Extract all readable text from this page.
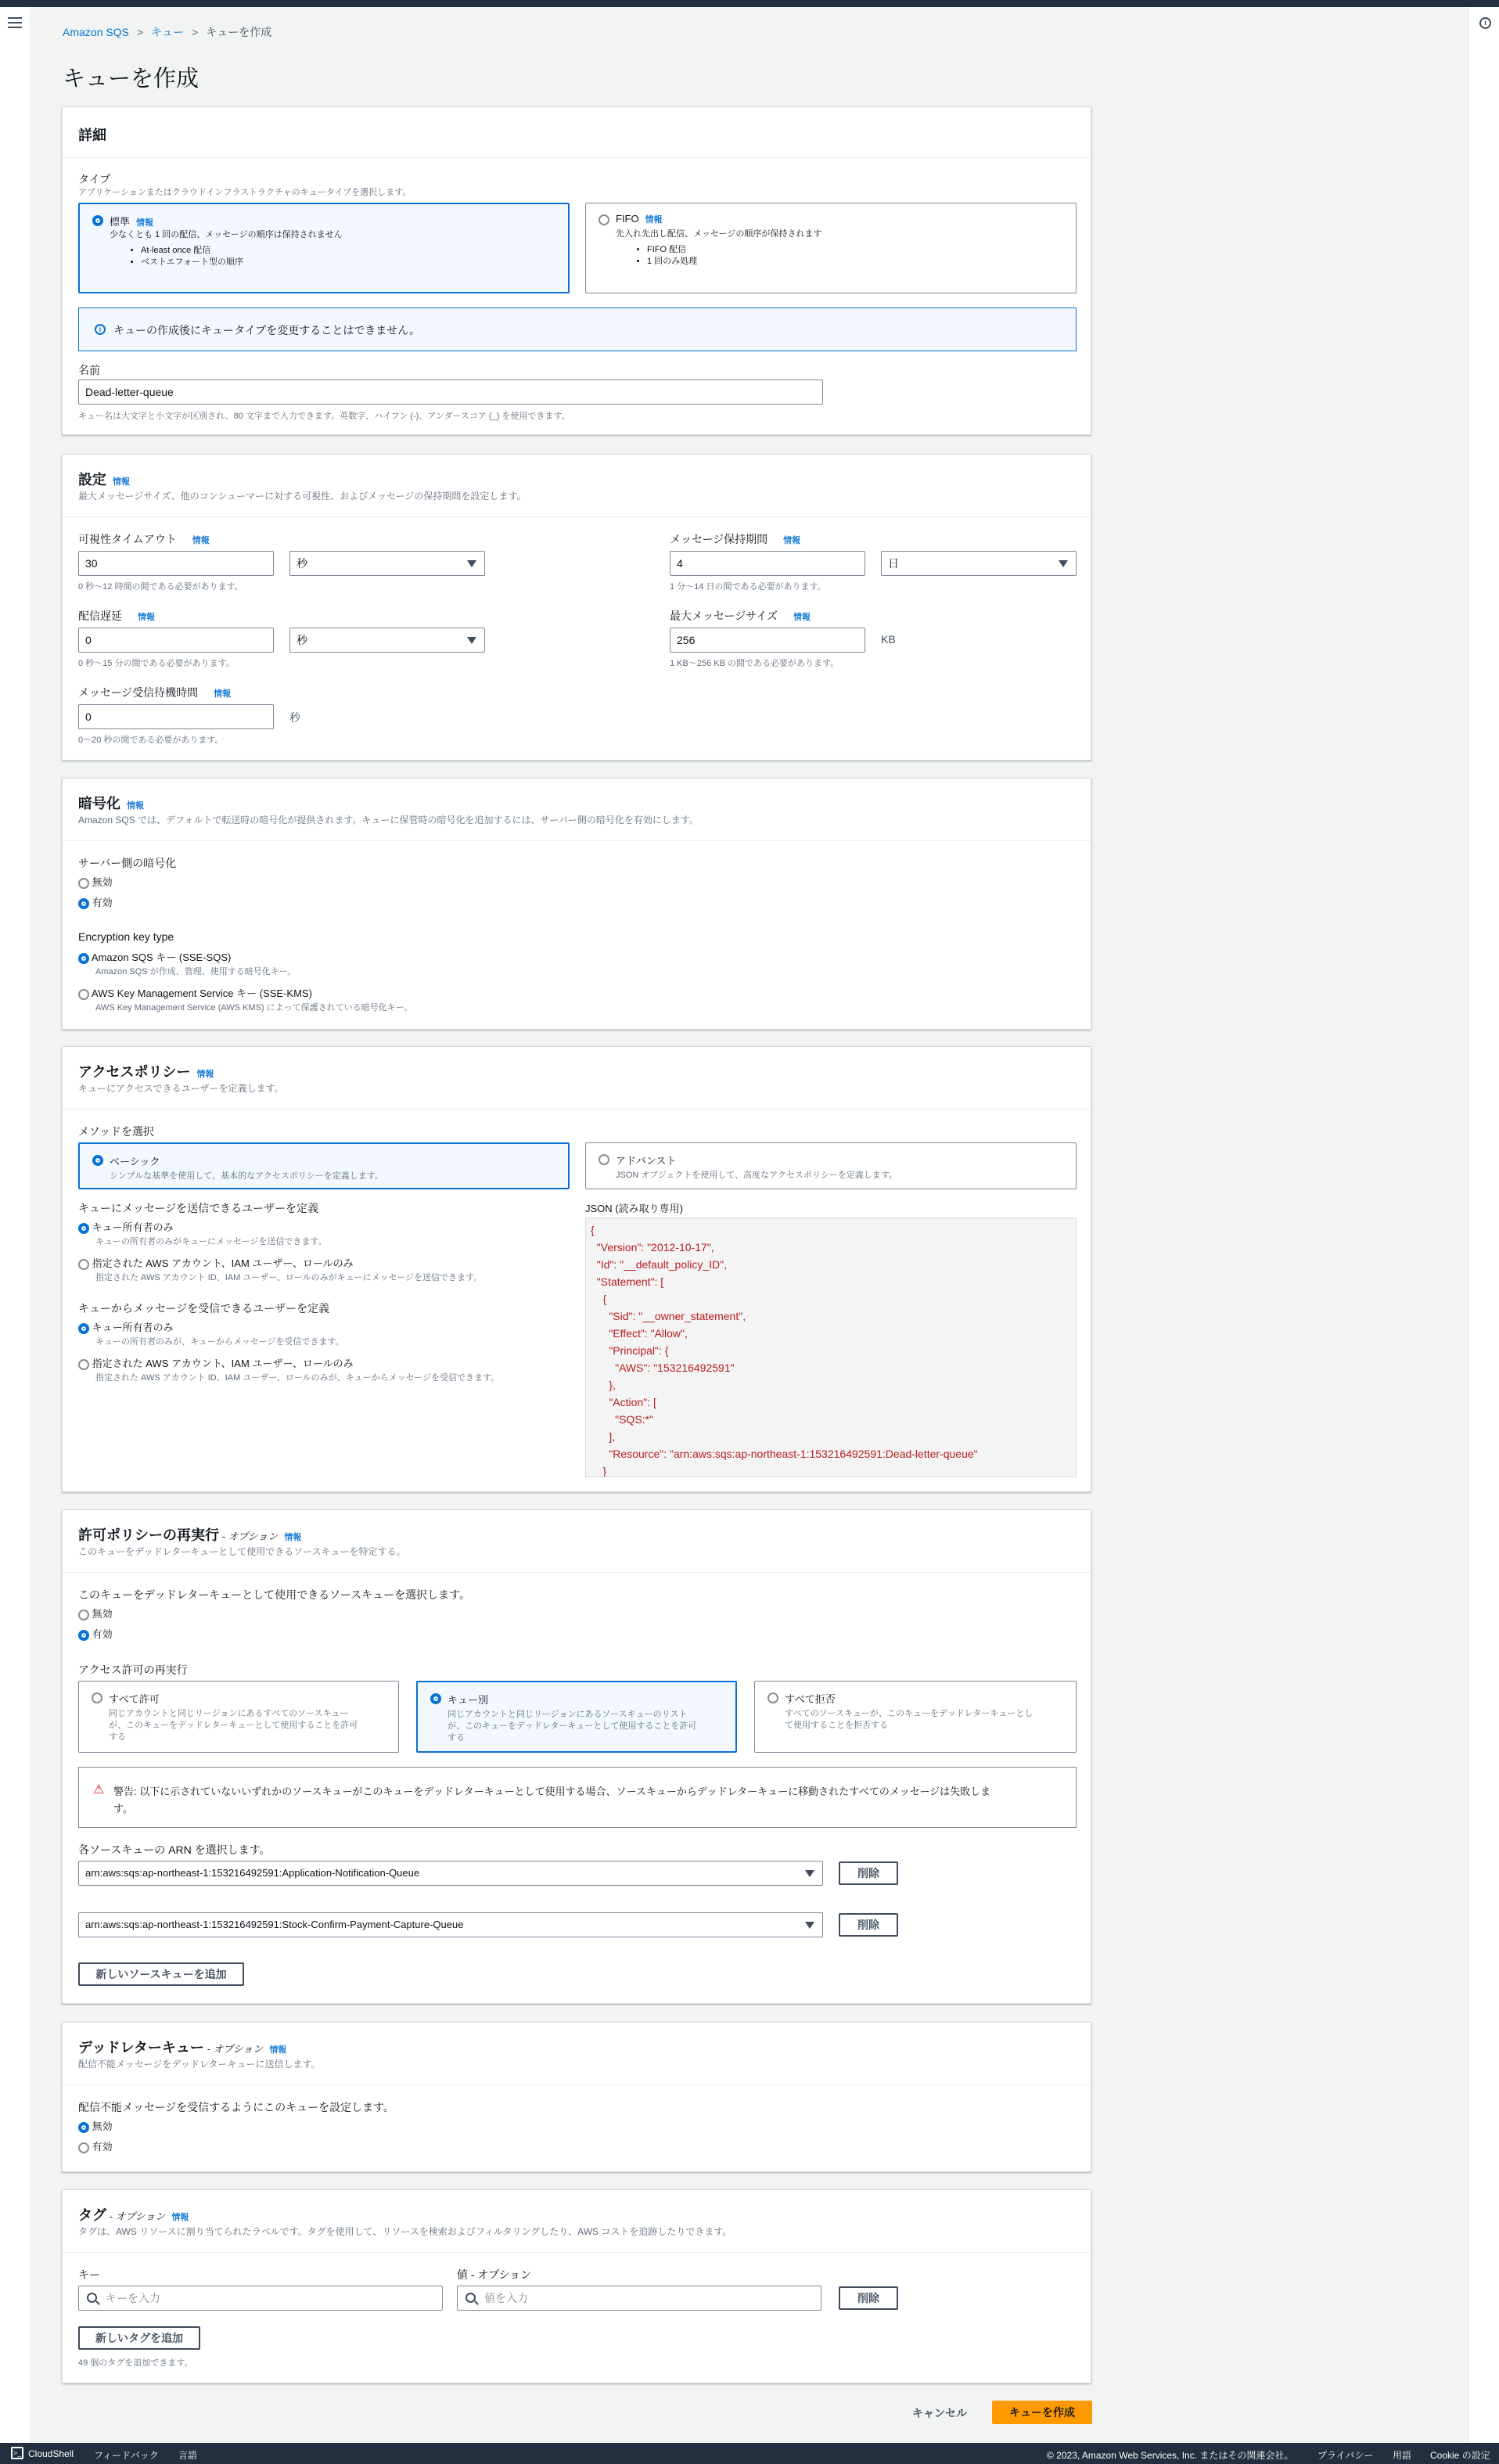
i
Amazon SQS > キュー > キューを作成
キューを作成
詳細
タイプ
アプリケーションまたはクラウドインフラストラクチャのキュータイプを選択します。
標準 情報
少なくとも 1 回の配信、メッセージの順序は保持されません
• At-least once 配信
• ベストエフォート型の順序
FIFO 情報
先入れ先出し配信、メッセージの順序が保持されます
• FIFO 配信
• 1 回のみ処理
i	キューの作成後にキュータイプを変更することはできません。
名前
Dead-letter-queue
キュー名は大文字と小文字が区別され、80 文字まで入力できます。英数字、ハイフン (-)、アンダースコア (_) を使用できます。
設定 情報
最大メッセージサイズ、他のコンシューマーに対する可視性、およびメッセージの保持期間を設定します。
可視性タイムアウト 情報
30	秒
0 秒〜12 時間の間である必要があります。
メッセージ保持期間 情報
4	日
1 分〜14 日の間である必要があります。
配信遅延 情報
0	秒
0 秒〜15 分の間である必要があります。
最大メッセージサイズ 情報
256	KB
1 KB〜256 KB の間である必要があります。
メッセージ受信待機時間 情報
0	秒
0〜20 秒の間である必要があります。
暗号化 情報
Amazon SQS では、デフォルトで転送時の暗号化が提供されます。キューに保管時の暗号化を追加するには、サーバー側の暗号化を有効にします。
サーバー側の暗号化
無効
有効
Encryption key type
Amazon SQS キー (SSE-SQS)
Amazon SQS が作成、管理、使用する暗号化キー。
AWS Key Management Service キー (SSE-KMS)
AWS Key Management Service (AWS KMS) によって保護されている暗号化キー。
アクセスポリシー 情報
キューにアクセスできるユーザーを定義します。
メソッドを選択
ベーシック
シンプルな基準を使用して、基本的なアクセスポリシーを定義します。
アドバンスト
JSON オブジェクトを使用して、高度なアクセスポリシーを定義します。
キューにメッセージを送信できるユーザーを定義
キュー所有者のみ
キューの所有者のみがキューにメッセージを送信できます。
指定された AWS アカウント、IAM ユーザー、ロールのみ
指定された AWS アカウント ID、IAM ユーザー、ロールのみがキューにメッセージを送信できます。
キューからメッセージを受信できるユーザーを定義
キュー所有者のみ
キューの所有者のみが、キューからメッセージを受信できます。
指定された AWS アカウント、IAM ユーザー、ロールのみ
指定された AWS アカウント ID、IAM ユーザー、ロールのみが、キューからメッセージを受信できます。
JSON (読み取り専用)
{
"Version": "2012-10-17",
"Id": "__default_policy_ID",
"Statement": [
{
"Sid": "__owner_statement",
"Effect": "Allow",
"Principal": {
"AWS": "153216492591"
},
"Action": [
"SQS:*"
],
"Resource": "arn:aws:sqs:ap-northeast-1:153216492591:Dead-letter-queue"
}
許可ポリシーの再実行 - オプション 情報
このキューをデッドレターキューとして使用できるソースキューを特定する。
このキューをデッドレターキューとして使用できるソースキューを選択します。
無効
有効
アクセス許可の再実行
すべて許可
同じアカウントと同じリージョンにあるすべてのソースキュー
が、このキューをデッドレターキューとして使用することを許可
する
キュー別
同じアカウントと同じリージョンにあるソースキューのリスト
が、このキューをデッドレターキューとして使用することを許可
する
すべて拒否
すべてのソースキューが、このキューをデッドレターキューとし
て使用することを拒否する
⚠ 警告: 以下に示されていないいずれかのソースキューがこのキューをデッドレターキューとして使用する場合、ソースキューからデッドレターキューに移動されたすべてのメッセージは失敗しま
す。
各ソースキューの ARN を選択します。
arn:aws:sqs:ap-northeast-1:153216492591:Application-Notification-Queue	削除
arn:aws:sqs:ap-northeast-1:153216492591:Stock-Confirm-Payment-Capture-Queue	削除
新しいソースキューを追加
デッドレターキュー - オプション 情報
配信不能メッセージをデッドレターキューに送信します。
配信不能メッセージを受信するようにこのキューを設定します。
無効
有効
タグ - オプション 情報
タグは、AWS リソースに割り当てられたラベルです。タグを使用して、リソースを検索およびフィルタリングしたり、AWS コストを追跡したりできます。
キー	値 - オプション
キーを入力	値を入力	削除
新しいタグを追加
49 個のタグを追加できます。
キャンセル	キューを作成
>_ CloudShell フィードバック 言語	© 2023, Amazon Web Services, Inc. またはその関連会社。	プライバシー 用語 Cookie の設定
